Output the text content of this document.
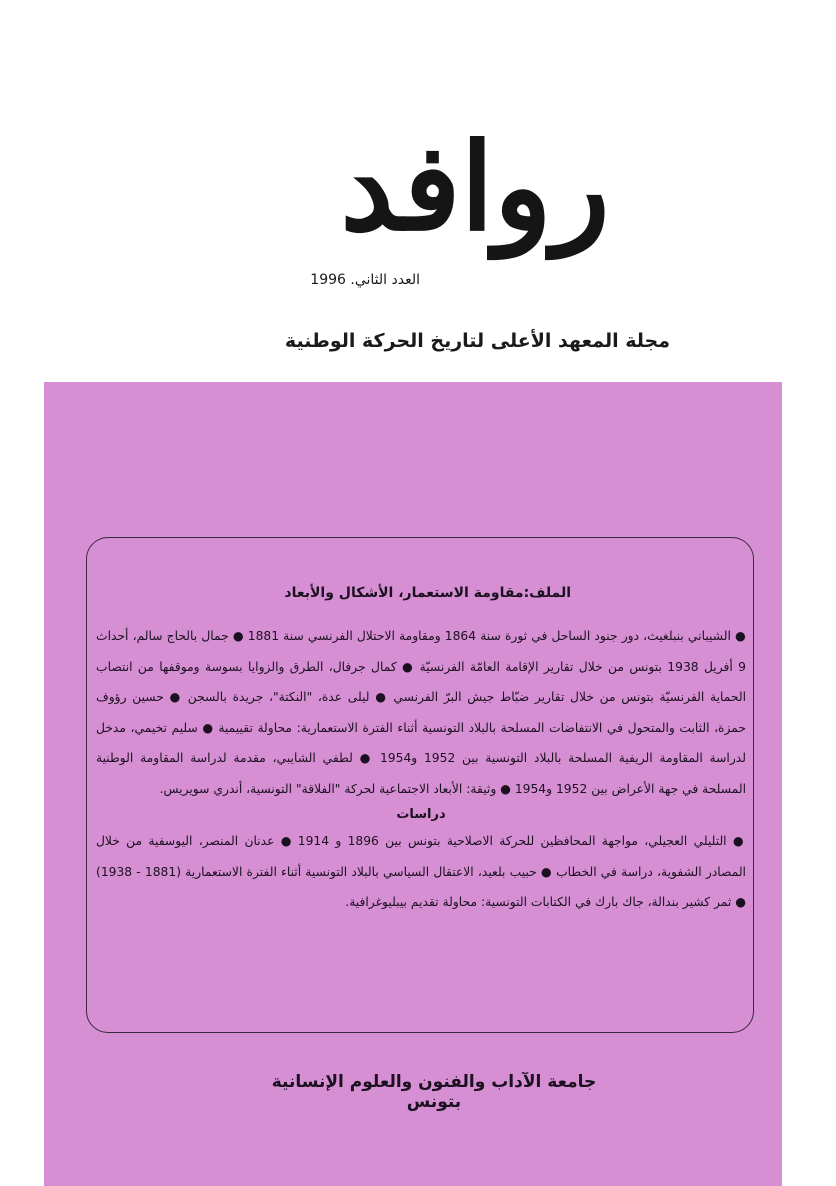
روافد
العدد الثاني. 1996
مجلة المعهد الأعلى لتاريخ الحركة الوطنية

الملف:مقاومة الاستعمار، الأشكال والأبعاد

● الشيباني بنبلغيث، دور جنود الساحل في ثورة سنة 1864 ومقاومة الاحتلال الفرنسي سنة 1881 ● جمال بالحاج سالم، أحداث 9 أفريل 1938 بتونس من خلال تقارير الإقامة العامّة الفرنسيّة ● كمال جرفال، الطرق والزوايا بسوسة وموقفها من انتصاب الحماية الفرنسيّة بتونس من خلال تقارير ضبّاط جيش البرّ الفرنسي ● ليلى عدة، "النكتة"، جريدة بالسجن ● حسين رؤوف حمزة، الثابت والمتحول في الانتفاضات المسلحة بالبلاد التونسية أثناء الفترة الاستعمارية: محاولة تقييمية ● سليم تخيمي، مدخل لدراسة المقاومة الريفية المسلحة بالبلاد التونسية بين 1952 و1954 ● لطفي الشايبي، مقدمة لدراسة المقاومة الوطنية المسلحة في جهة الأعراض بين 1952 و1954 ● وثيقة: الأبعاد الاجتماعية لحركة "الفلاقة" التونسية، أندري سويريس.

دراسات

● التليلي العجيلي، مواجهة المحافظين للحركة الاصلاحية بتونس بين 1896 و 1914 ● عدنان المنصر، اليوسفية من خلال المصادر الشفوية، دراسة في الخطاب ● حبيب بلعيد، الاعتقال السياسي بالبلاد التونسية أثناء الفترة الاستعمارية (1881 - 1938) ● ثمر كشير بندالة، جاك بارك في الكتابات التونسية: محاولة تقديم بيبليوغرافية.

جامعة الآداب والفنون والعلوم الإنسانية بتونس
